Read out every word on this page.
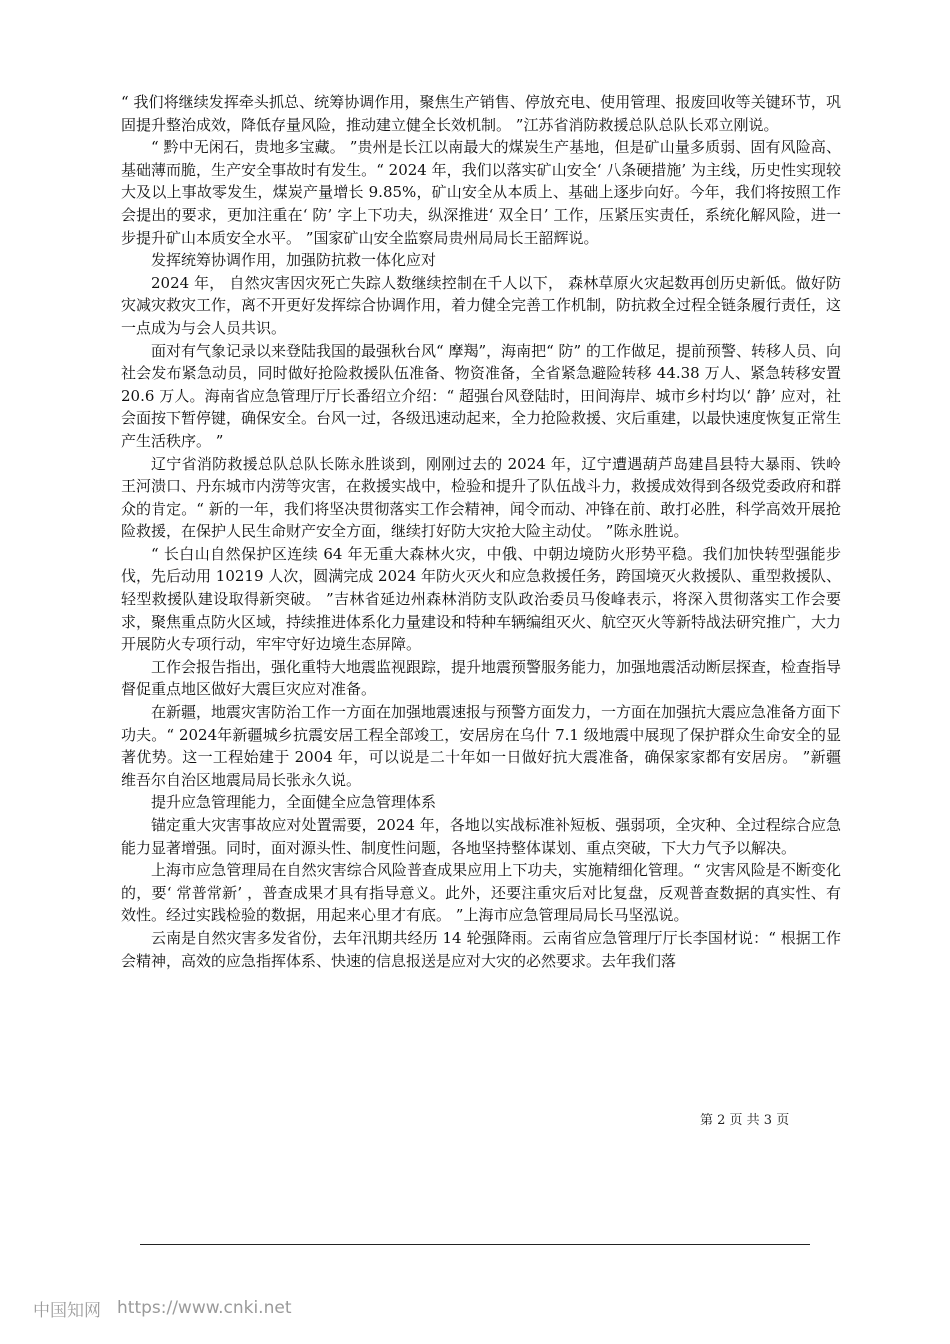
“ 我们将继续发挥牵头抓总、统筹协调作用，聚焦生产销售、停放充电、使用管理、报废回收等关键环节，巩固提升整治成效，降低存量风险，推动建立健全长效机制。 ”江苏省消防救援总队总队长邓立刚说。

“ 黔中无闲石，贵地多宝藏。 ”贵州是长江以南最大的煤炭生产基地，但是矿山量多质弱、固有风险高、基础薄而脆，生产安全事故时有发生。“ 2024 年，我们以落实矿山安全‘ 八条硬措施’ 为主线，历史性实现较大及以上事故零发生，煤炭产量增长 9.85%，矿山安全从本质上、基础上逐步向好。今年，我们将按照工作会提出的要求，更加注重在‘ 防’ 字上下功夫，纵深推进‘ 双全日’ 工作，压紧压实责任，系统化解风险，进一步提升矿山本质安全水平。 ”国家矿山安全监察局贵州局局长王韶辉说。

发挥统筹协调作用，加强防抗救一体化应对

2024 年， 自然灾害因灾死亡失踪人数继续控制在千人以下， 森林草原火灾起数再创历史新低。做好防灾减灾救灾工作，离不开更好发挥综合协调作用，着力健全完善工作机制，防抗救全过程全链条履行责任，这一点成为与会人员共识。

面对有气象记录以来登陆我国的最强秋台风“ 摩羯”，海南把“ 防” 的工作做足，提前预警、转移人员、向社会发布紧急动员，同时做好抢险救援队伍准备、物资准备，全省紧急避险转移 44.38 万人、紧急转移安置 20.6 万人。海南省应急管理厅厅长番绍立介绍：“ 超强台风登陆时，田间海岸、城市乡村均以‘ 静’ 应对，社会面按下暂停键，确保安全。台风一过，各级迅速动起来，全力抢险救援、灾后重建，以最快速度恢复正常生产生活秩序。 ”

辽宁省消防救援总队总队长陈永胜谈到，刚刚过去的 2024 年，辽宁遭遇葫芦岛建昌县特大暴雨、铁岭王河溃口、丹东城市内涝等灾害，在救援实战中，检验和提升了队伍战斗力，救援成效得到各级党委政府和群众的肯定。“ 新的一年，我们将坚决贯彻落实工作会精神，闻令而动、冲锋在前、敢打必胜，科学高效开展抢险救援，在保护人民生命财产安全方面，继续打好防大灾抢大险主动仗。 ”陈永胜说。

“ 长白山自然保护区连续 64 年无重大森林火灾，中俄、中朝边境防火形势平稳。我们加快转型强能步伐，先后动用 10219 人次，圆满完成 2024 年防火灭火和应急救援任务，跨国境灭火救援队、重型救援队、轻型救援队建设取得新突破。 ”吉林省延边州森林消防支队政治委员马俊峰表示，将深入贯彻落实工作会要求，聚焦重点防火区域，持续推进体系化力量建设和特种车辆编组灭火、航空灭火等新特战法研究推广，大力开展防火专项行动，牢牢守好边境生态屏障。

工作会报告指出，强化重特大地震监视跟踪，提升地震预警服务能力，加强地震活动断层探查，检查指导督促重点地区做好大震巨灾应对准备。

在新疆，地震灾害防治工作一方面在加强地震速报与预警方面发力，一方面在加强抗大震应急准备方面下功夫。“ 2024年新疆城乡抗震安居工程全部竣工，安居房在乌什 7.1 级地震中展现了保护群众生命安全的显著优势。这一工程始建于 2004 年，可以说是二十年如一日做好抗大震准备，确保家家都有安居房。 ”新疆维吾尔自治区地震局局长张永久说。

提升应急管理能力，全面健全应急管理体系

锚定重大灾害事故应对处置需要，2024 年，各地以实战标准补短板、强弱项，全灾种、全过程综合应急能力显著增强。同时，面对源头性、制度性问题，各地坚持整体谋划、重点突破，下大力气予以解决。

上海市应急管理局在自然灾害综合风险普查成果应用上下功夫，实施精细化管理。“ 灾害风险是不断变化的，要‘ 常普常新’ ，普查成果才具有指导意义。此外，还要注重灾后对比复盘，反观普查数据的真实性、有效性。经过实践检验的数据，用起来心里才有底。 ”上海市应急管理局局长马坚泓说。

云南是自然灾害多发省份，去年汛期共经历 14 轮强降雨。云南省应急管理厅厅长李国材说：“ 根据工作会精神，高效的应急指挥体系、快速的信息报送是应对大灾的必然要求。去年我们落

第 2 页 共 3 页
中国知网 https://www.cnki.net
